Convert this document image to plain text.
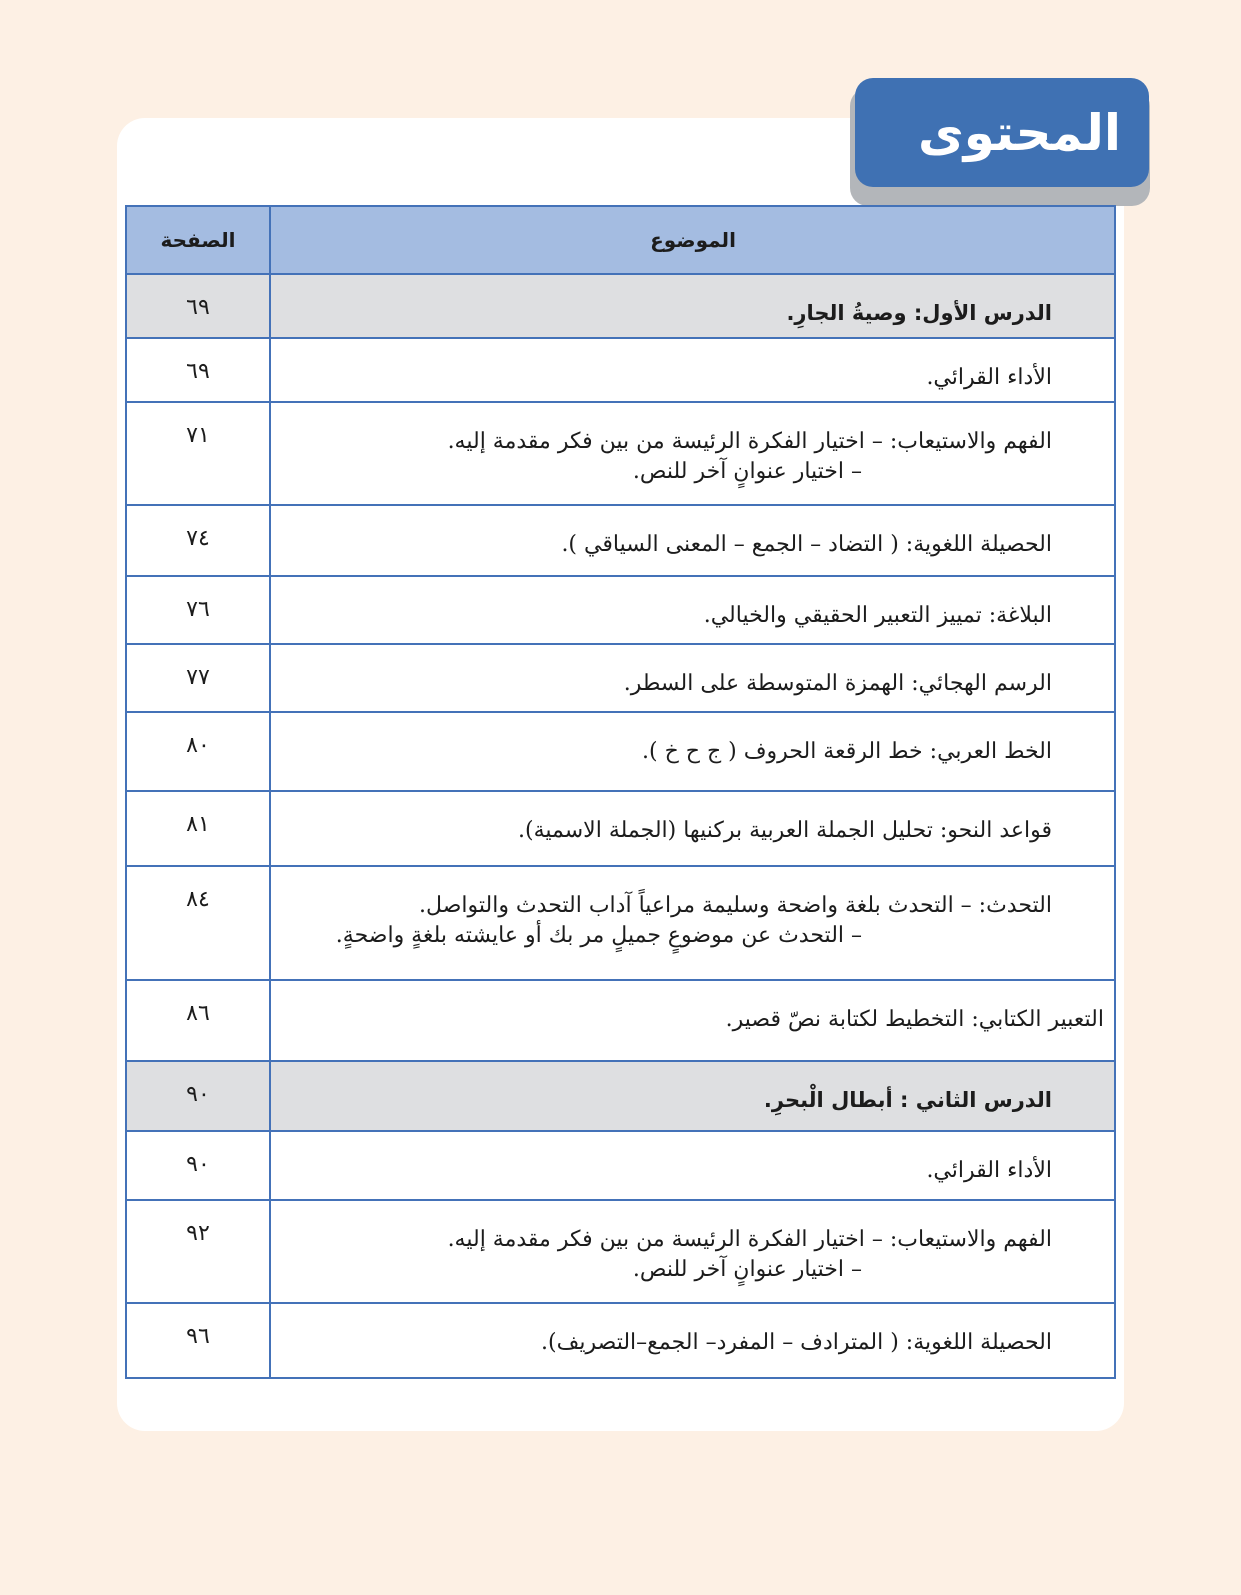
المحتوى
الموضوع	الصفحة

الدرس الأول: وصيةُ الجارِ.	٦٩

الأداء القرائي.	٦٩

الفهم والاستيعاب: – اختيار الفكرة الرئيسة من بين فكر مقدمة إليه.
– اختيار عنوانٍ آخر للنص.	٧١

الحصيلة اللغوية: ( التضاد – الجمع – المعنى السياقي ).	٧٤

البلاغة: تمييز التعبير الحقيقي والخيالي.	٧٦

الرسم الهجائي: الهمزة المتوسطة على السطر.	٧٧

الخط العربي: خط الرقعة الحروف ( ج ح خ ).	٨٠

قواعد النحو: تحليل الجملة العربية بركنيها (الجملة الاسمية).	٨١

التحدث: – التحدث بلغة واضحة وسليمة مراعياً آداب التحدث والتواصل.
– التحدث عن موضوعٍ جميلٍ مر بك أو عايشته بلغةٍ واضحةٍ.	٨٤

التعبير الكتابي: التخطيط لكتابة نصّ قصير.	٨٦

الدرس الثاني : أبطال الْبحرِ.	٩٠

الأداء القرائي.	٩٠

الفهم والاستيعاب: – اختيار الفكرة الرئيسة من بين فكر مقدمة إليه.
– اختيار عنوانٍ آخر للنص.	٩٢

الحصيلة اللغوية: ( المترادف – المفرد– الجمع–التصريف).	٩٦
